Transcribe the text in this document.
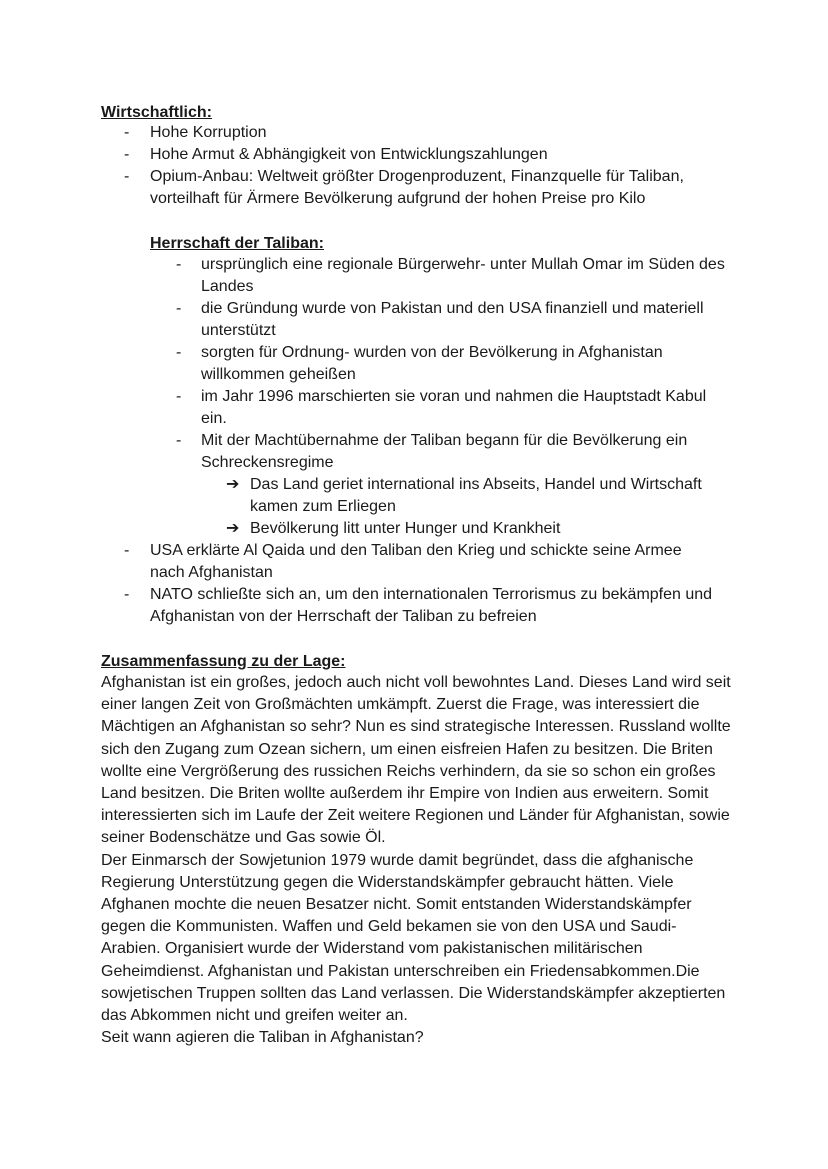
Wirtschaftlich:
- Hohe Korruption
- Hohe Armut & Abhängigkeit von Entwicklungszahlungen
- Opium-Anbau: Weltweit größter Drogenproduzent, Finanzquelle für Taliban, vorteilhaft für Ärmere Bevölkerung aufgrund der hohen Preise pro Kilo
Herrschaft der Taliban:
- ursprünglich eine regionale Bürgerwehr- unter Mullah Omar im Süden des Landes
- die Gründung wurde von Pakistan und den USA finanziell und materiell unterstützt
- sorgten für Ordnung- wurden von der Bevölkerung in Afghanistan willkommen geheißen
- im Jahr 1996 marschierten sie voran und nahmen die Hauptstadt Kabul ein.
- Mit der Machtübernahme der Taliban begann für die Bevölkerung ein Schreckensregime
➔ Das Land geriet international ins Abseits, Handel und Wirtschaft kamen zum Erliegen
➔ Bevölkerung litt unter Hunger und Krankheit
- USA erklärte Al Qaida und den Taliban den Krieg und schickte seine Armee nach Afghanistan
- NATO schließte sich an, um den internationalen Terrorismus zu bekämpfen und Afghanistan von der Herrschaft der Taliban zu befreien
Zusammenfassung zu der Lage:

Afghanistan ist ein großes, jedoch auch nicht voll bewohntes Land. Dieses Land wird seit einer langen Zeit von Großmächten umkämpft. Zuerst die Frage, was interessiert die Mächtigen an Afghanistan so sehr? Nun es sind strategische Interessen. Russland wollte sich den Zugang zum Ozean sichern, um einen eisfreien Hafen zu besitzen. Die Briten wollte eine Vergrößerung des russichen Reichs verhindern, da sie so schon ein großes Land besitzen. Die Briten wollte außerdem ihr Empire von Indien aus erweitern. Somit interessierten sich im Laufe der Zeit weitere Regionen und Länder für Afghanistan, sowie seiner Bodenschätze und Gas sowie Öl.

Der Einmarsch der Sowjetunion 1979 wurde damit begründet, dass die afghanische Regierung Unterstützung gegen die Widerstandskämpfer gebraucht hätten. Viele Afghanen mochte die neuen Besatzer nicht. Somit entstanden Widerstandskämpfer gegen die Kommunisten. Waffen und Geld bekamen sie von den USA und Saudi-Arabien. Organisiert wurde der Widerstand vom pakistanischen militärischen Geheimdienst. Afghanistan und Pakistan unterschreiben ein Friedensabkommen.Die sowjetischen Truppen sollten das Land verlassen. Die Widerstandskämpfer akzeptierten das Abkommen nicht und greifen weiter an.

Seit wann agieren die Taliban in Afghanistan?
